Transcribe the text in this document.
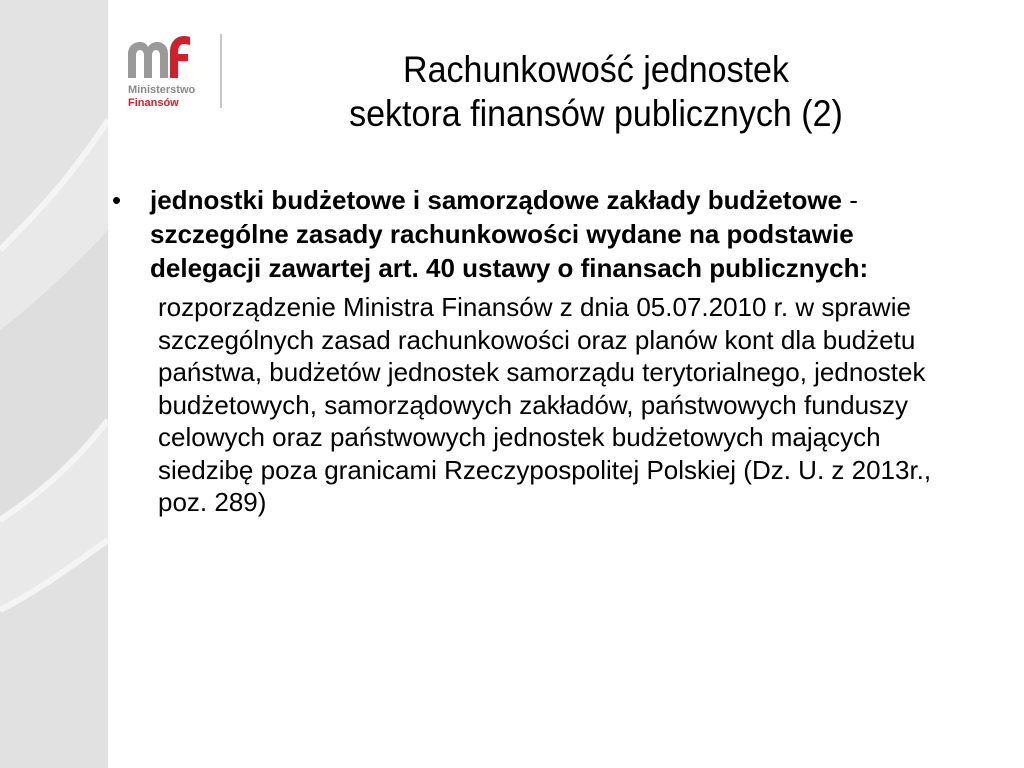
Ministerstwo
Finansów
Rachunkowość jednostek
sektora finansów publicznych (2)
• jednostki budżetowe i samorządowe zakłady budżetowe - szczególne zasady rachunkowości wydane na podstawie delegacji zawartej art. 40 ustawy o finansach publicznych:
rozporządzenie Ministra Finansów z dnia 05.07.2010 r. w sprawie szczególnych zasad rachunkowości oraz planów kont dla budżetu państwa, budżetów jednostek samorządu terytorialnego, jednostek budżetowych, samorządowych zakładów, państwowych funduszy celowych oraz państwowych jednostek budżetowych mających siedzibę poza granicami Rzeczypospolitej Polskiej (Dz. U. z 2013r., poz. 289)
